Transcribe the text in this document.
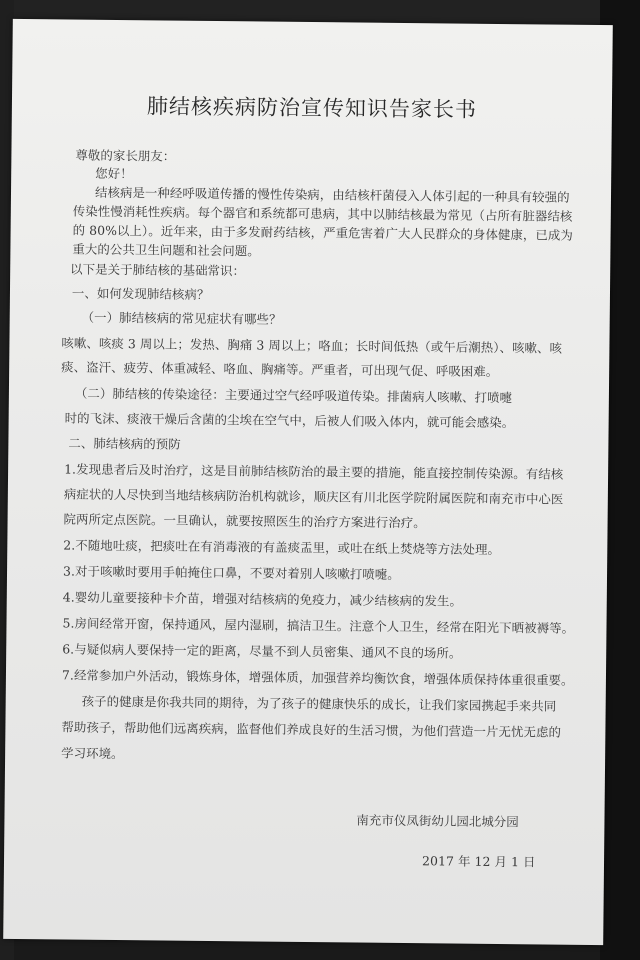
肺结核疾病防治宣传知识告家长书
尊敬的家长朋友：
您好！
结核病是一种经呼吸道传播的慢性传染病，由结核杆菌侵入人体引起的一种具有较强的
传染性慢消耗性疾病。每个器官和系统都可患病，其中以肺结核最为常见（占所有脏器结核
的 80%以上）。近年来，由于多发耐药结核，严重危害着广大人民群众的身体健康，已成为
重大的公共卫生问题和社会问题。
以下是关于肺结核的基础常识：
一、如何发现肺结核病？
（一）肺结核病的常见症状有哪些？
咳嗽、咳痰 3 周以上；发热、胸痛 3 周以上；咯血；长时间低热（或午后潮热）、咳嗽、咳
痰、盗汗、疲劳、体重减轻、咯血、胸痛等。严重者，可出现气促、呼吸困难。
（二）肺结核的传染途径：主要通过空气经呼吸道传染。排菌病人咳嗽、打喷嚏
时的飞沫、痰液干燥后含菌的尘埃在空气中，后被人们吸入体内，就可能会感染。
二、肺结核病的预防
1.发现患者后及时治疗，这是目前肺结核防治的最主要的措施，能直接控制传染源。有结核
病症状的人尽快到当地结核病防治机构就诊，顺庆区有川北医学院附属医院和南充市中心医
院两所定点医院。一旦确认，就要按照医生的治疗方案进行治疗。
2.不随地吐痰，把痰吐在有消毒液的有盖痰盂里，或吐在纸上焚烧等方法处理。
3.对于咳嗽时要用手帕掩住口鼻，不要对着别人咳嗽打喷嚏。
4.婴幼儿童要接种卡介苗，增强对结核病的免疫力，减少结核病的发生。
5.房间经常开窗，保持通风，屋内湿刷，搞洁卫生。注意个人卫生，经常在阳光下晒被褥等。
6.与疑似病人要保持一定的距离，尽量不到人员密集、通风不良的场所。
7.经常参加户外活动，锻炼身体，增强体质，加强营养均衡饮食，增强体质保持体重很重要。
孩子的健康是你我共同的期待，为了孩子的健康快乐的成长，让我们家园携起手来共同
帮助孩子，帮助他们远离疾病，监督他们养成良好的生活习惯，为他们营造一片无忧无虑的
学习环境。
南充市仪凤街幼儿园北城分园
2017 年 12 月 1 日
